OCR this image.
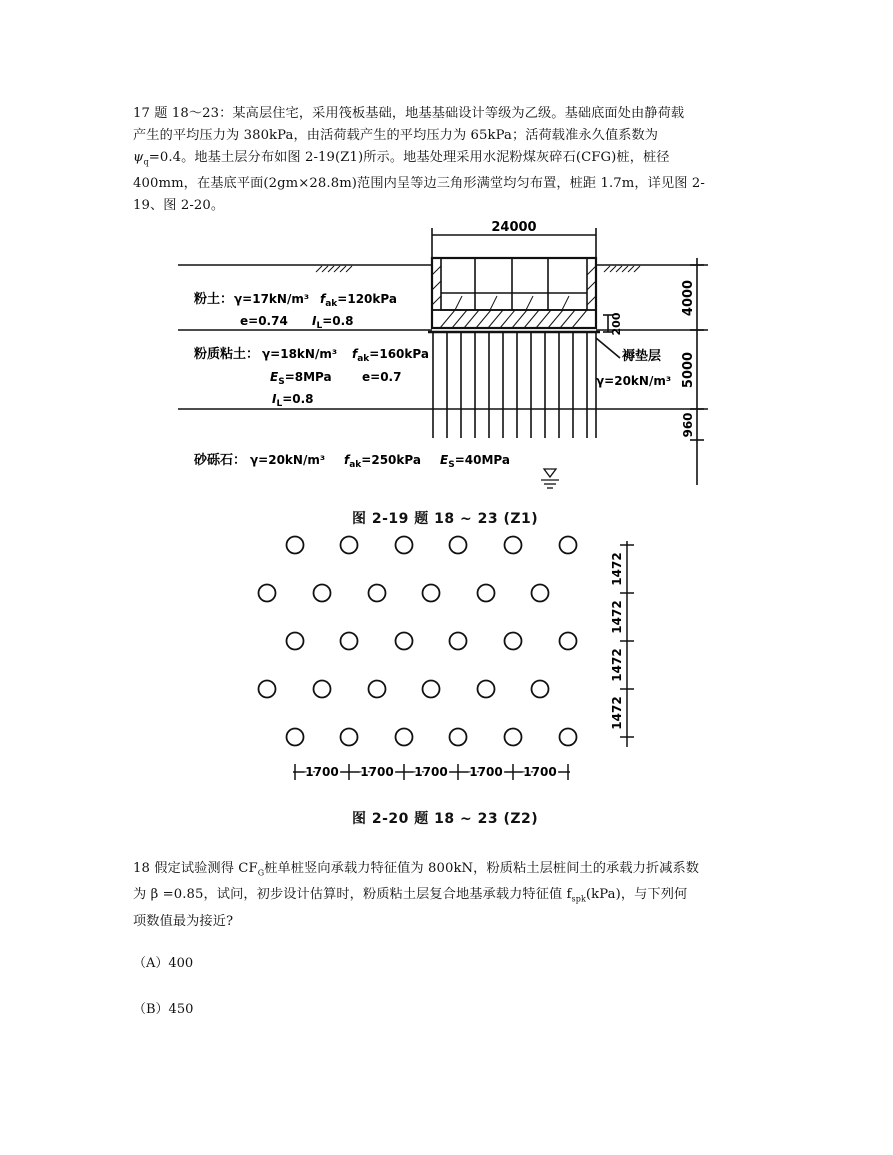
17 题 18～23：某高层住宅，采用筏板基础，地基基础设计等级为乙级。基础底面处由静荷载
产生的平均压力为 380kPa，由活荷载产生的平均压力为 65kPa；活荷载准永久值系数为
$\psi_q=0.4$。地基土层分布如图 2-19(Z1)所示。地基处理采用水泥粉煤灰碎石(CFG)桩，桩径
400mm，在基底平面(2gm×28.8m)范围内呈等边三角形满堂均匀布置，桩距 1.7m，详见图 2-
19、图 2-20。
24000
4000
5000
960
200
褥垫层
γ=20kN/m³
粉土： γ=17kN/m³ $f_{ak}=120kPa$
e=0.74 $I_L=0.8$
粉质粘土： γ=18kN/m³ $f_{ak}=160kPa$
$E_S=8MPa$	e=0.7
$I_L=0.8$
砂砾石： γ=20kN/m³ $f_{ak}=250kPa$ $E_S=40MPa$
图 2-19 题 18 ~ 23 (Z1)
1472
1472
1472
1472
1700 1700 1700 1700 1700
图 2-20 题 18 ~ 23 (Z2)
18 假定试验测得 $CF_G$桩单桩竖向承载力特征值为 800kN，粉质粘土层桩间土的承载力折减系数
为 β =0.85，试问，初步设计估算时，粉质粘土层复合地基承载力特征值 $f_{spk}(kPa)$，与下列何
项数值最为接近?
（A）400
（B）450
